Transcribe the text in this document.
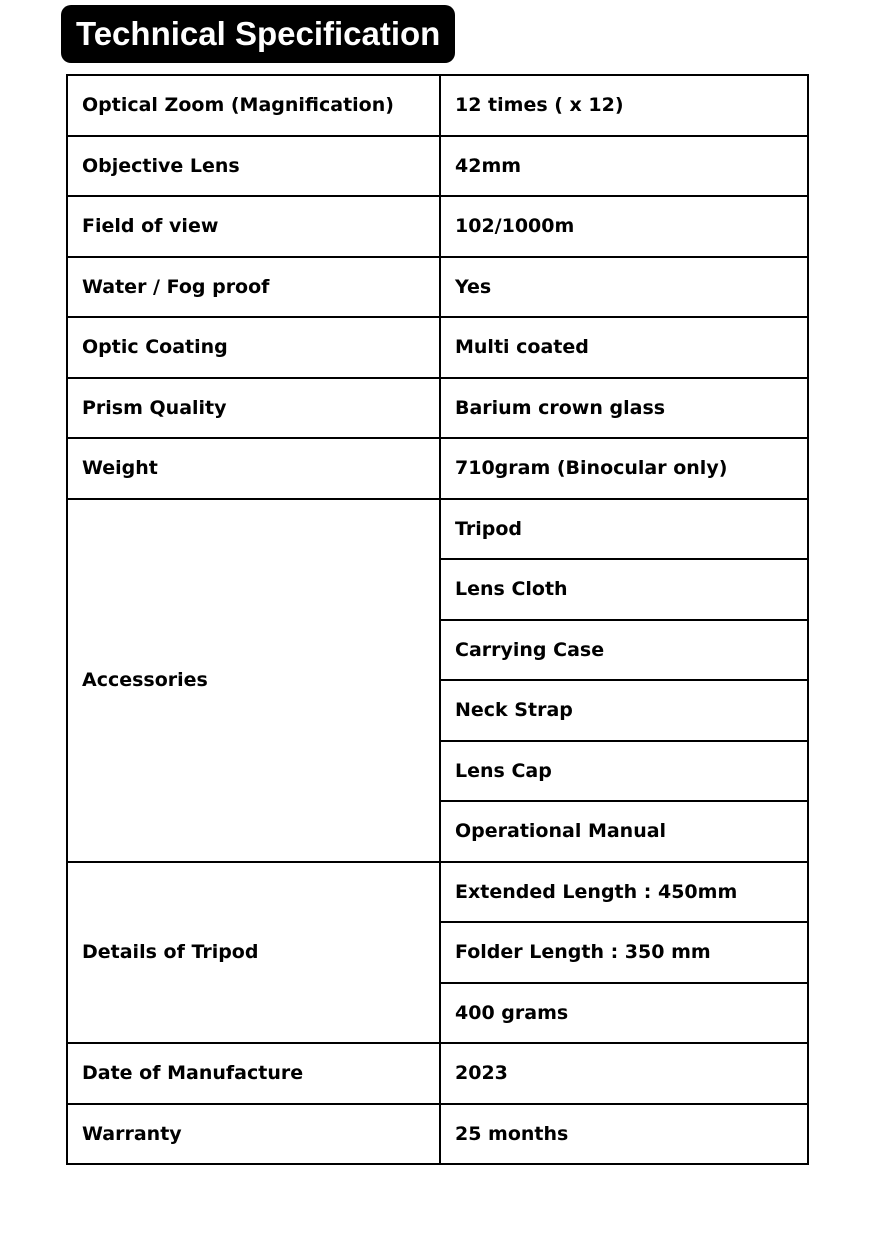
Technical Specification
Optical Zoom (Magnification)	12 times ( x 12)
Objective Lens	42mm
Field of view	102/1000m
Water / Fog proof	Yes
Optic Coating	Multi coated
Prism Quality	Barium crown glass
Weight	710gram (Binocular only)
Accessories	Tripod
	Lens Cloth
	Carrying Case
	Neck Strap
	Lens Cap
	Operational Manual
Details of Tripod	Extended Length : 450mm
	Folder Length : 350 mm
	400 grams
Date of Manufacture	2023
Warranty	25 months
